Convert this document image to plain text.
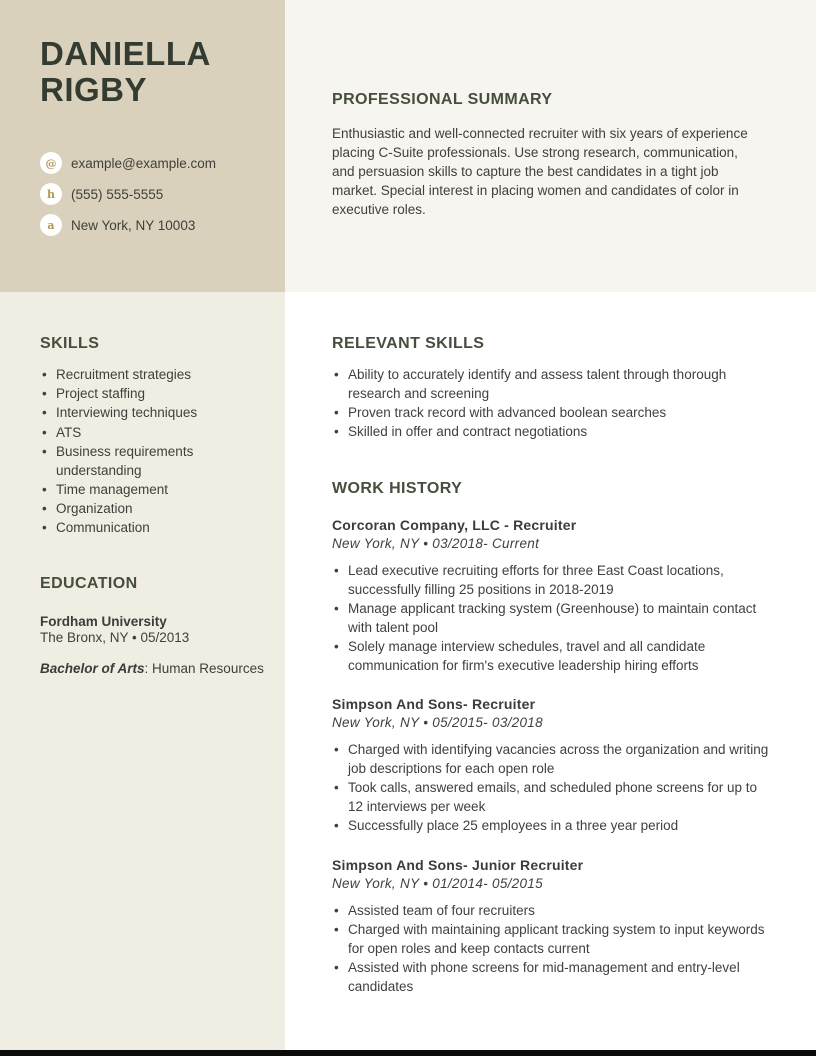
DANIELLA
RIGBY
@	example@example.com
h	(555) 555-5555
a	New York, NY 10003
PROFESSIONAL SUMMARY
Enthusiastic and well-connected recruiter with six years of experience placing C-Suite professionals. Use strong research, communication, and persuasion skills to capture the best candidates in a tight job market. Special interest in placing women and candidates of color in executive roles.
SKILLS
• Recruitment strategies
• Project staffing
• Interviewing techniques
• ATS
• Business requirements understanding
• Time management
• Organization
• Communication
EDUCATION
Fordham University
The Bronx, NY • 05/2013
Bachelor of Arts: Human Resources
RELEVANT SKILLS
• Ability to accurately identify and assess talent through thorough research and screening
• Proven track record with advanced boolean searches
• Skilled in offer and contract negotiations
WORK HISTORY
Corcoran Company, LLC - Recruiter
New York, NY • 03/2018- Current
• Lead executive recruiting efforts for three East Coast locations, successfully filling 25 positions in 2018-2019
• Manage applicant tracking system (Greenhouse) to maintain contact with talent pool
• Solely manage interview schedules, travel and all candidate communication for firm's executive leadership hiring efforts
Simpson And Sons- Recruiter
New York, NY • 05/2015- 03/2018
• Charged with identifying vacancies across the organization and writing job descriptions for each open role
• Took calls, answered emails, and scheduled phone screens for up to 12 interviews per week
• Successfully place 25 employees in a three year period
Simpson And Sons- Junior Recruiter
New York, NY • 01/2014- 05/2015
• Assisted team of four recruiters
• Charged with maintaining applicant tracking system to input keywords for open roles and keep contacts current
• Assisted with phone screens for mid-management and entry-level candidates
